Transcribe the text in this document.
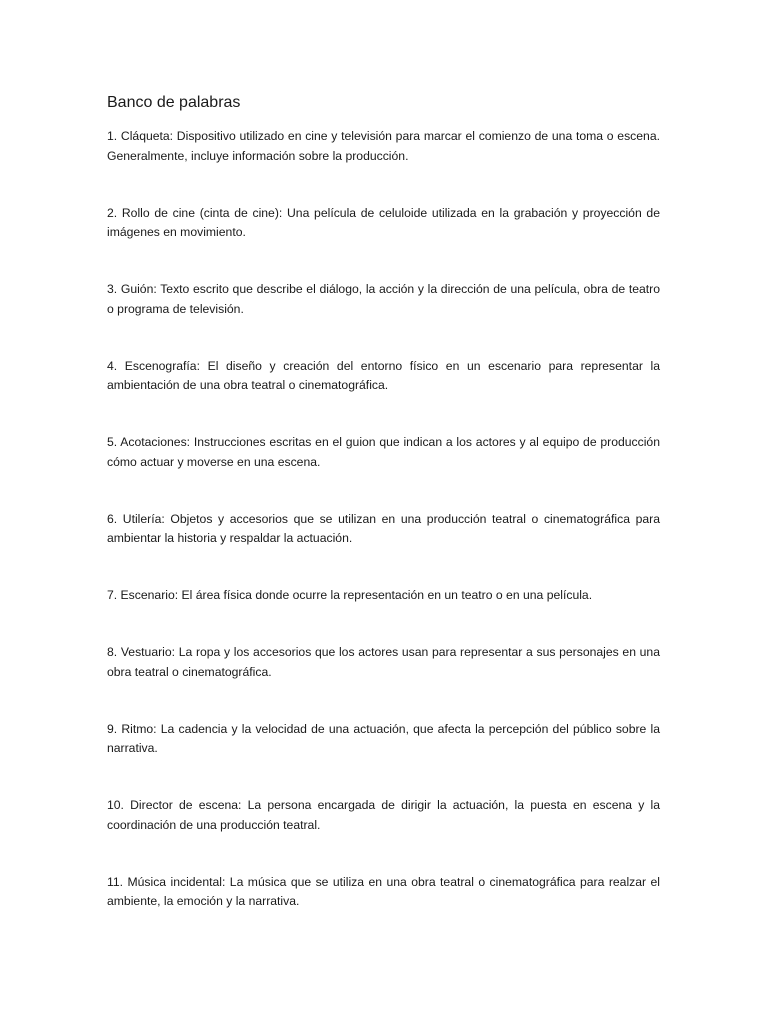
Banco de palabras

1. Cláqueta: Dispositivo utilizado en cine y televisión para marcar el comienzo de una toma o escena. Generalmente, incluye información sobre la producción.

2. Rollo de cine (cinta de cine): Una película de celuloide utilizada en la grabación y proyección de imágenes en movimiento.

3. Guión: Texto escrito que describe el diálogo, la acción y la dirección de una película, obra de teatro o programa de televisión.

4. Escenografía: El diseño y creación del entorno físico en un escenario para representar la ambientación de una obra teatral o cinematográfica.

5. Acotaciones: Instrucciones escritas en el guion que indican a los actores y al equipo de producción cómo actuar y moverse en una escena.

6. Utilería: Objetos y accesorios que se utilizan en una producción teatral o cinematográfica para ambientar la historia y respaldar la actuación.

7. Escenario: El área física donde ocurre la representación en un teatro o en una película.

8. Vestuario: La ropa y los accesorios que los actores usan para representar a sus personajes en una obra teatral o cinematográfica.

9. Ritmo: La cadencia y la velocidad de una actuación, que afecta la percepción del público sobre la narrativa.

10. Director de escena: La persona encargada de dirigir la actuación, la puesta en escena y la coordinación de una producción teatral.

11. Música incidental: La música que se utiliza en una obra teatral o cinematográfica para realzar el ambiente, la emoción y la narrativa.
